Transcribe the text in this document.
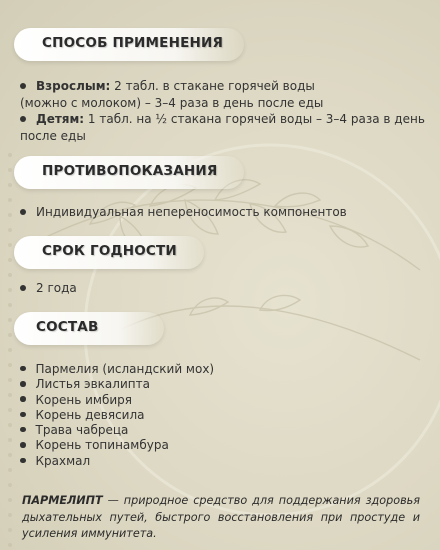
СПОСОБ ПРИМЕНЕНИЯ
Взрослым: 2 табл. в стакане горячей воды
(можно с молоком) – 3–4 раза в день после еды
Детям: 1 табл. на ½ стакана горячей воды – 3–4 раза в день
после еды
ПРОТИВОПОКАЗАНИЯ
Индивидуальная непереносимость компонентов
СРОК ГОДНОСТИ
2 года
СОСТАВ
Пармелия (исландский мох)
Листья эвкалипта
Корень имбиря
Корень девясила
Трава чабреца
Корень топинамбура
Крахмал
ПАРМЕЛИПТ — природное средство для поддержания здоровья дыхательных путей, быстрого восстановления при простуде и усиления иммунитета.
